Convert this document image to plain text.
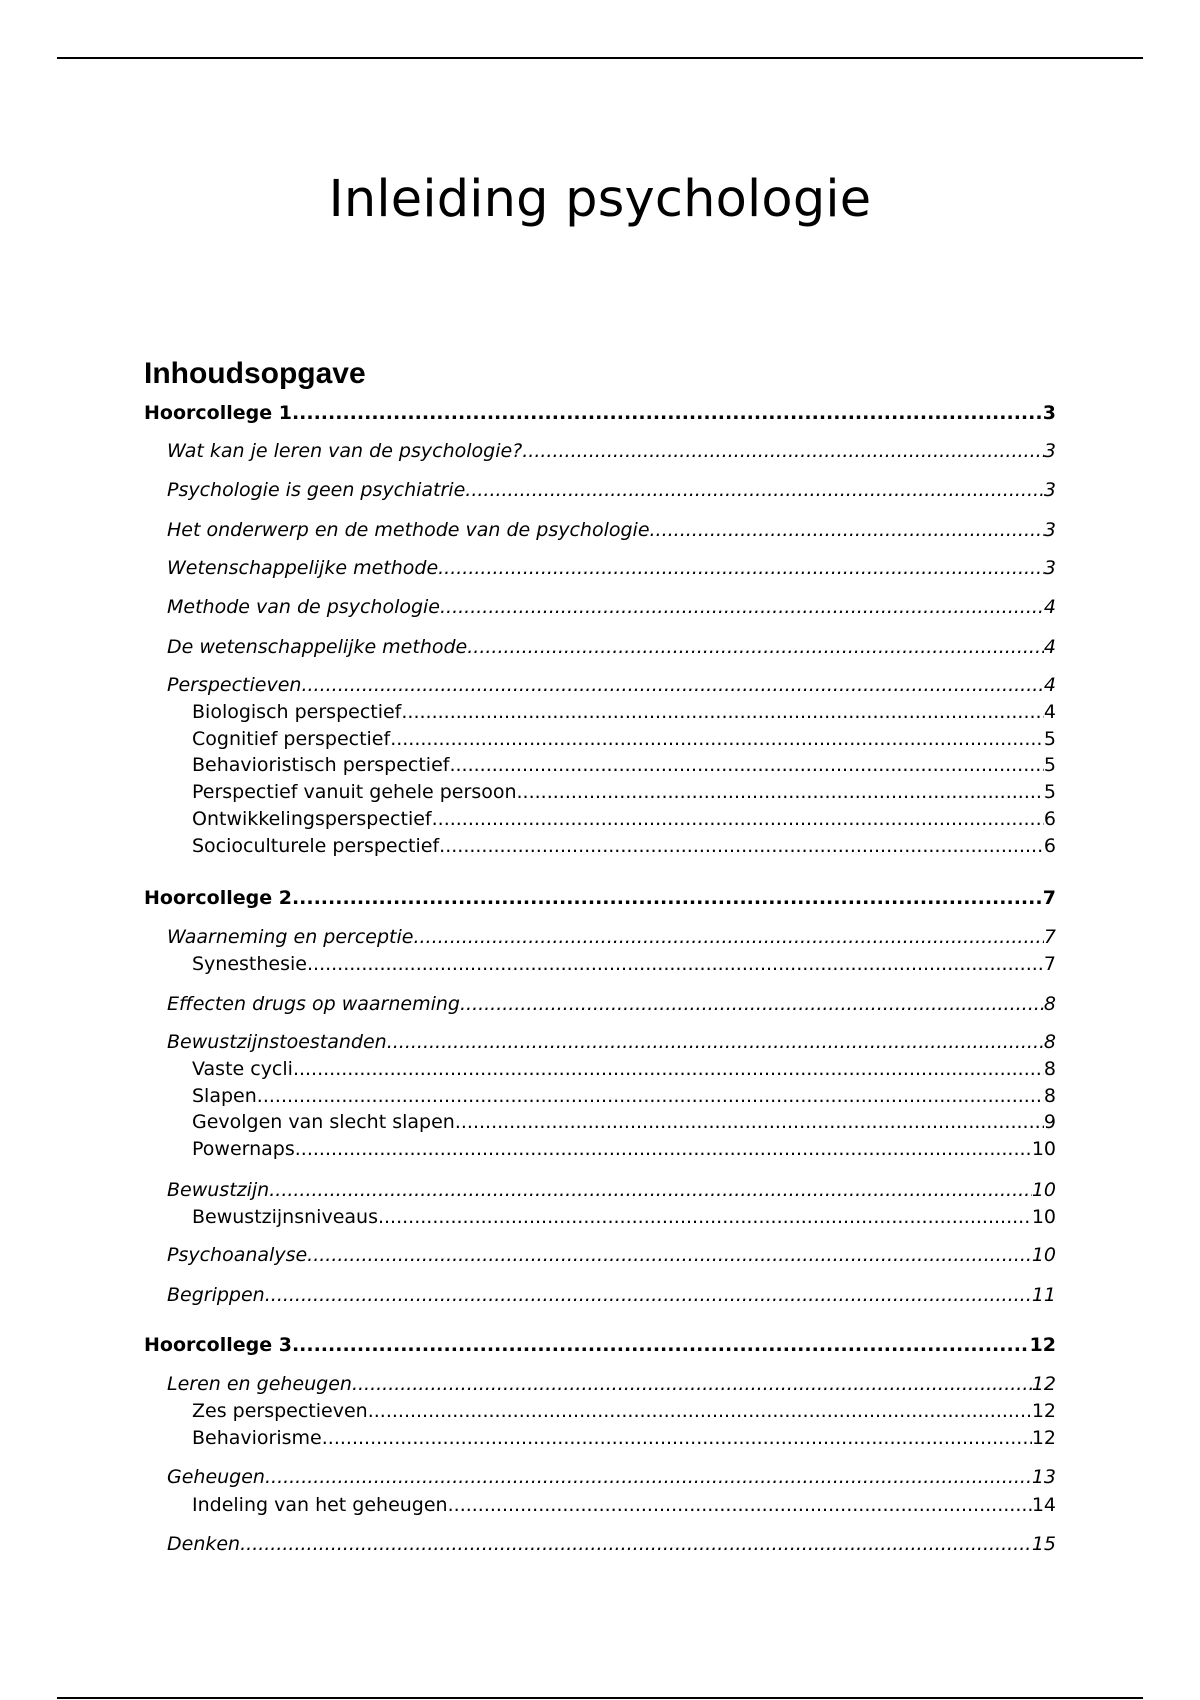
Inleiding psychologie
Inhoudsopgave
Hoorcollege 1 .....	3
Wat kan je leren van de psychologie? .....	3
Psychologie is geen psychiatrie .....	3
Het onderwerp en de methode van de psychologie .....	3
Wetenschappelijke methode .....	3
Methode van de psychologie .....	4
De wetenschappelijke methode .....	4
Perspectieven .....	4
Biologisch perspectief .....	4
Cognitief perspectief .....	5
Behavioristisch perspectief .....	5
Perspectief vanuit gehele persoon .....	5
Ontwikkelingsperspectief .....	6
Socioculturele perspectief .....	6
Hoorcollege 2 .....	7
Waarneming en perceptie .....	7
Synesthesie .....	7
Effecten drugs op waarneming .....	8
Bewustzijnstoestanden .....	8
Vaste cycli .....	8
Slapen .....	8
Gevolgen van slecht slapen .....	9
Powernaps .....	10
Bewustzijn .....	10
Bewustzijnsniveaus .....	10
Psychoanalyse .....	10
Begrippen .....	11
Hoorcollege 3 .....	12
Leren en geheugen .....	12
Zes perspectieven .....	12
Behaviorisme .....	12
Geheugen .....	13
Indeling van het geheugen .....	14
Denken .....	15
